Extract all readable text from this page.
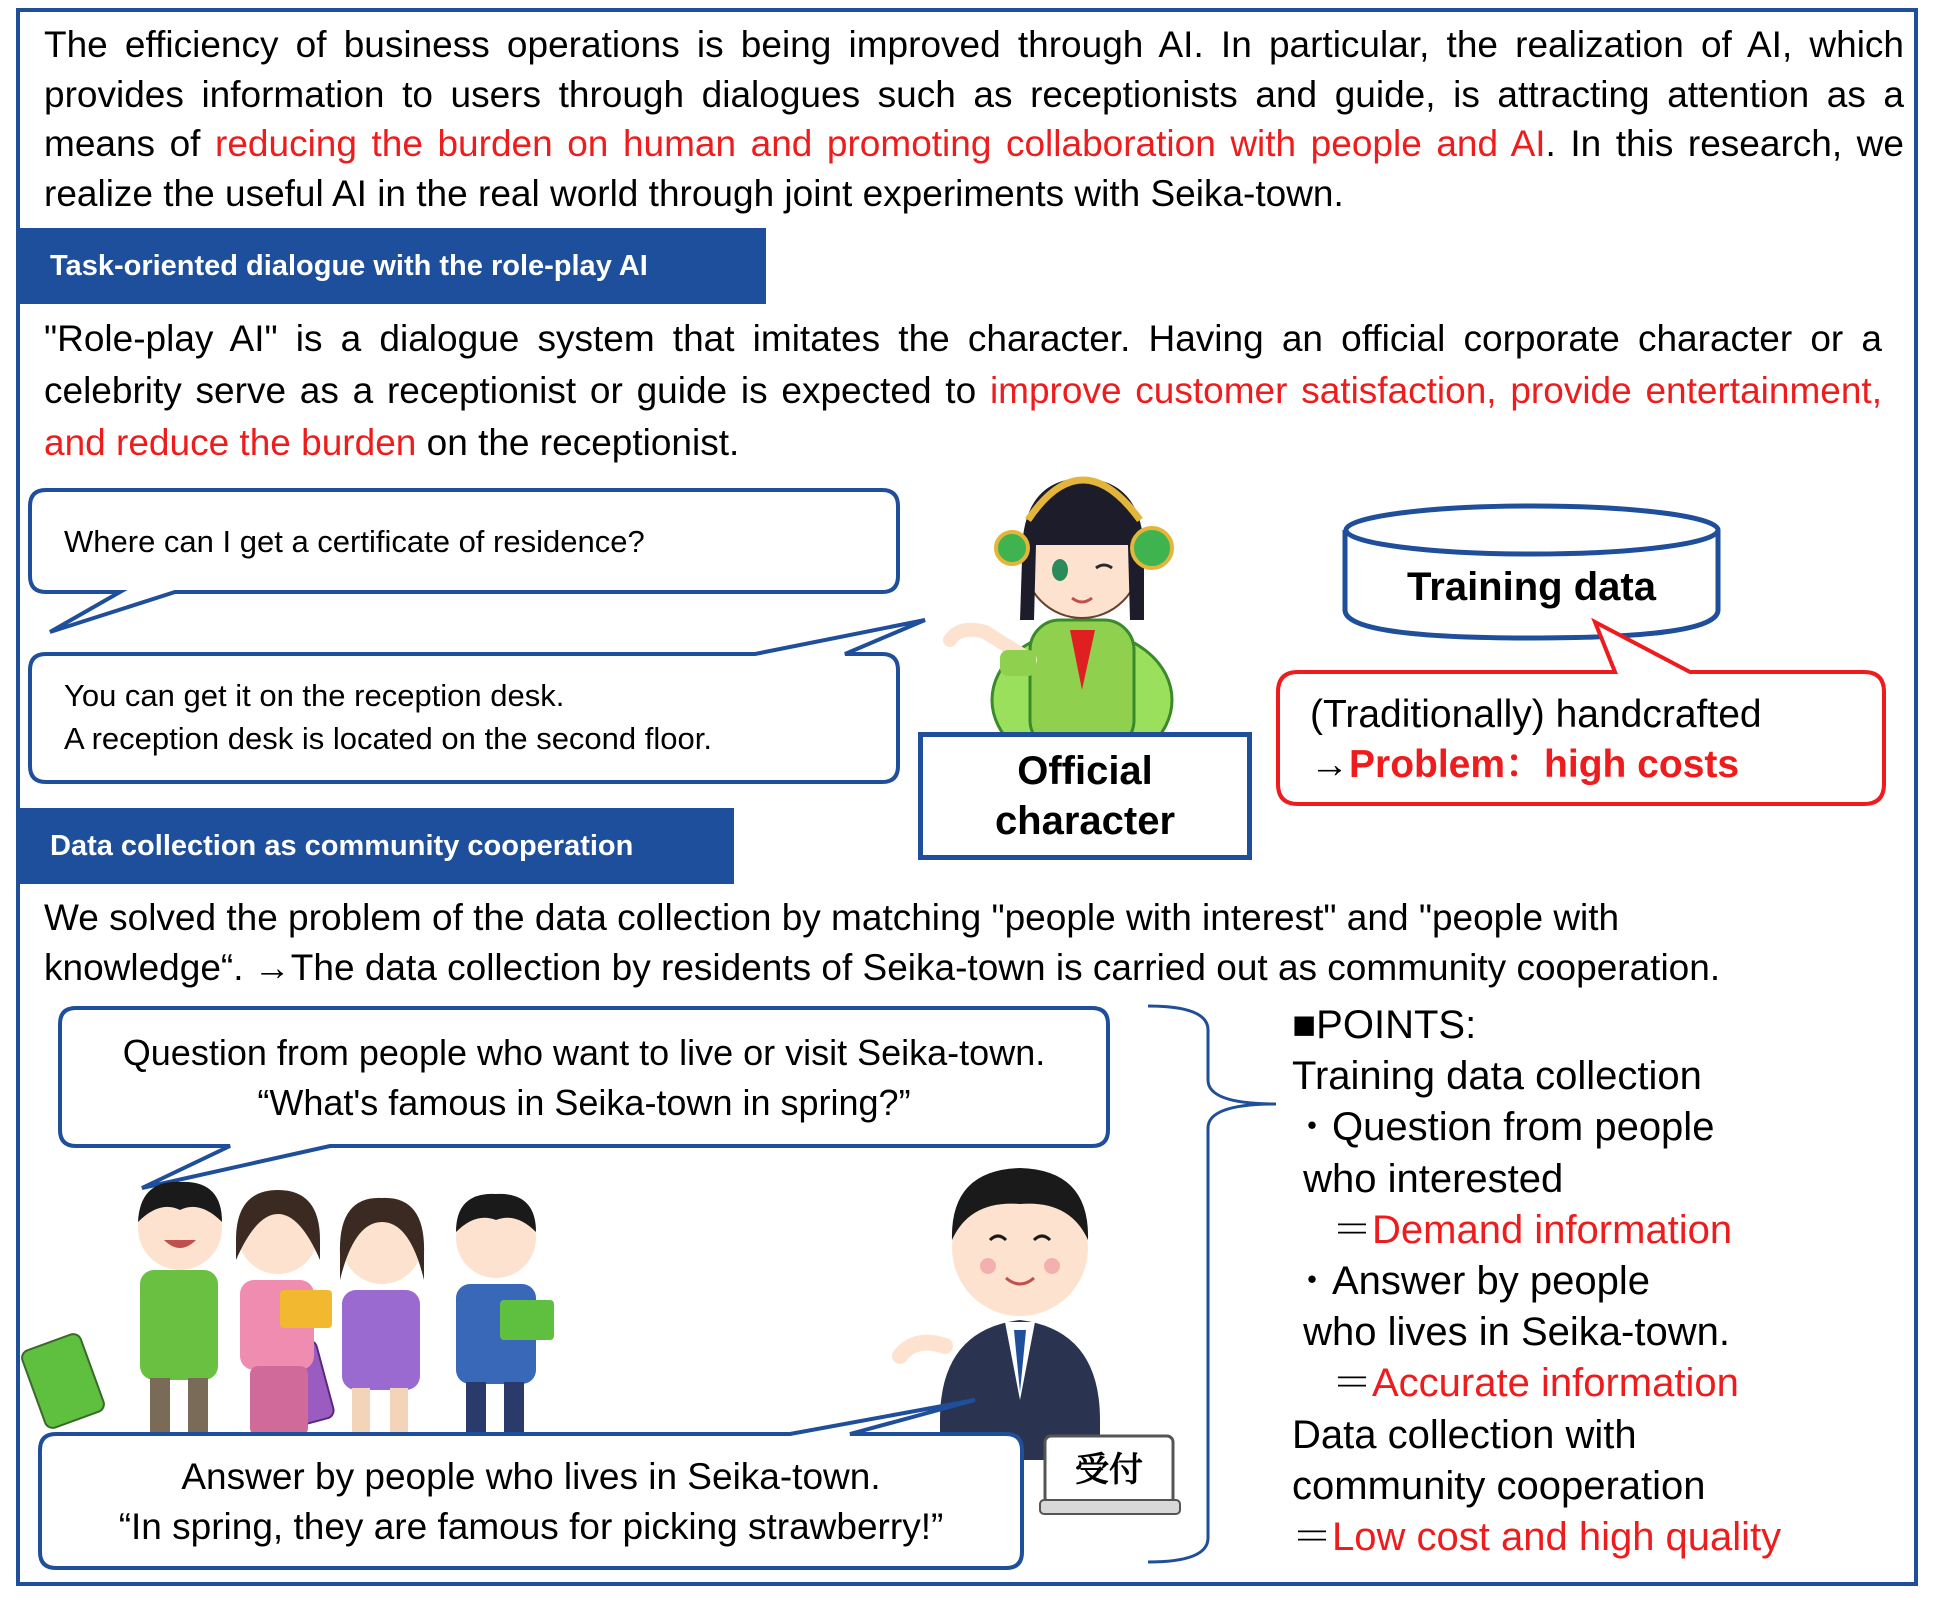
The efficiency of business operations is being improved through AI. In particular, the realization of AI, which provides information to users through dialogues such as receptionists and guide, is attracting attention as a means of reducing the burden on human and promoting collaboration with people and AI. In this research, we realize the useful AI in the real world through joint experiments with Seika-town.
Task-oriented dialogue with the role-play AI
"Role-play AI" is a dialogue system that imitates the character. Having an official corporate character or a celebrity serve as a receptionist or guide is expected to improve customer satisfaction, provide entertainment, and reduce the burden on the receptionist.
Data collection as community cooperation
We solved the problem of the data collection by matching "people with interest" and "people with
knowledge“. →The data collection by residents of Seika-town is carried out as community cooperation.
Where can I get a certificate of residence?
You can get it on the reception desk.
A reception desk is located on the second floor.
Official
character
Training data
(Traditionally) handcrafted
→Problem：high costs
Question from people who want to live or visit Seika-town.
“What's famous in Seika-town in spring?”
Answer by people who lives in Seika-town.
“In spring, they are famous for picking strawberry!”
受付
■POINTS:
Training data collection
・Question from people
who interested
　＝Demand information
・Answer by people
who lives in Seika-town.
　＝Accurate information
Data collection with
community cooperation
＝Low cost and high quality
